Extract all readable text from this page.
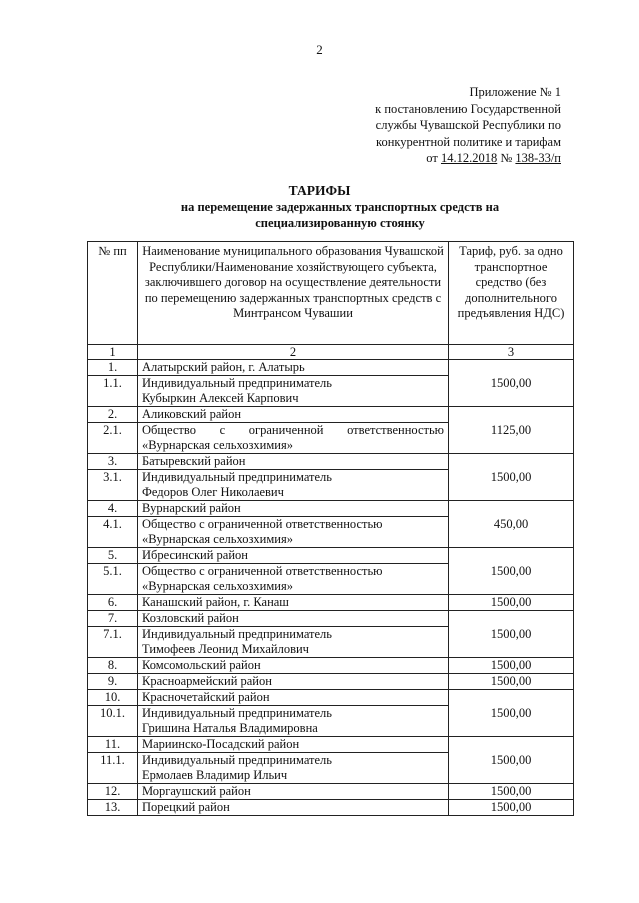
2
Приложение № 1
к постановлению Государственной
службы Чувашской Республики по
конкурентной политике и тарифам
от 14.12.2018 № 138-33/п
ТАРИФЫ
на перемещение задержанных транспортных средств на
специализированную стоянку
№ пп	Наименование муниципального образования Чувашской Республики/Наименование хозяйствующего субъекта, заключившего договор на осуществление деятельности по перемещению задержанных транспортных средств с Минтрансом Чувашии	Тариф, руб. за одно транспортное средство (без дополнительного предъявления НДС)
1	2	3
1.	Алатырский район, г. Алатырь	1500,00
1.1.	Индивидуальный предприниматель
Кубыркин Алексей Карпович	

2.	Аликовский район	1125,00
2.1.	Общество с ограниченной ответственностью
«Вурнарская сельхозхимия»	

3.	Батыревский район	1500,00
3.1.	Индивидуальный предприниматель
Федоров Олег Николаевич	

4.	Вурнарский район	450,00
4.1.	Общество с ограниченной ответственностью
«Вурнарская сельхозхимия»	

5.	Ибресинский район	1500,00
5.1.	Общество с ограниченной ответственностью
«Вурнарская сельхозхимия»	

6.	Канашский район, г. Канаш	1500,00
7.	Козловский район	1500,00
7.1.	Индивидуальный предприниматель
Тимофеев Леонид Михайлович	

8.	Комсомольский район	1500,00
9.	Красноармейский район	1500,00
10.	Красночетайский район	1500,00
10.1.	Индивидуальный предприниматель
Гришина Наталья Владимировна	

11.	Мариинско-Посадский район	1500,00
11.1.	Индивидуальный предприниматель
Ермолаев Владимир Ильич	

12.	Моргаушский район	1500,00
13.	Порецкий район	1500,00
